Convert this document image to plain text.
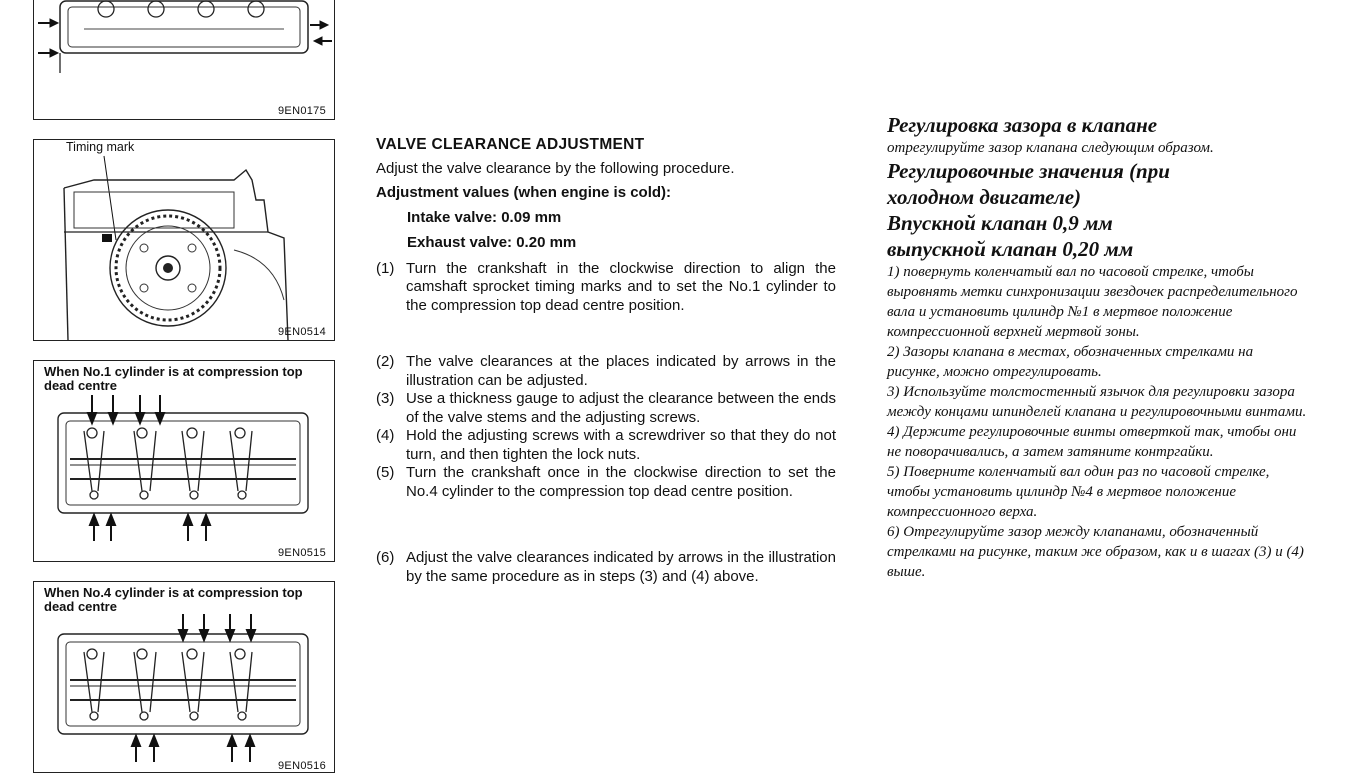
9EN0175
Timing mark
9EN0514
When No.1 cylinder is at compression top dead centre
9EN0515
When No.4 cylinder is at compression top dead centre
9EN0516
VALVE CLEARANCE ADJUSTMENT
Adjust the valve clearance by the following procedure.
Adjustment values (when engine is cold):
Intake valve: 0.09 mm
Exhaust valve: 0.20 mm
(1) Turn the crankshaft in the clockwise direction to align the camshaft sprocket timing marks and to set the No.1 cylinder to the compression top dead centre position.
(2) The valve clearances at the places indicated by arrows in the illustration can be adjusted.
(3) Use a thickness gauge to adjust the clearance between the ends of the valve stems and the adjusting screws.
(4) Hold the adjusting screws with a screwdriver so that they do not turn, and then tighten the lock nuts.
(5) Turn the crankshaft once in the clockwise direction to set the No.4 cylinder to the compression top dead centre position.
(6) Adjust the valve clearances indicated by arrows in the illustration by the same procedure as in steps (3) and (4) above.
Регулировка зазора в клапане
отрегулируйте зазор клапана следующим образом.
Регулировочные значения (при холодном двигателе)
Впускной клапан 0,9 мм
выпускной клапан 0,20 мм
1) повернуть коленчатый вал по часовой стрелке, чтобы выровнять метки синхронизации звездочек распределительного вала и установить цилиндр №1 в мертвое положение компрессионной верхней мертвой зоны.
2) Зазоры клапана в местах, обозначенных стрелками на рисунке, можно отрегулировать.
3) Используйте толстостенный язычок для регулировки зазора между концами шпинделей клапана и регулировочными винтами.
4) Держите регулировочные винты отверткой так, чтобы они не поворачивались, а затем затяните контргайки.
5) Поверните коленчатый вал один раз по часовой стрелке, чтобы установить цилиндр №4 в мертвое положение компрессионного верха.
6) Отрегулируйте зазор между клапанами, обозначенный стрелками на рисунке, таким же образом, как и в шагах (3) и (4) выше.
